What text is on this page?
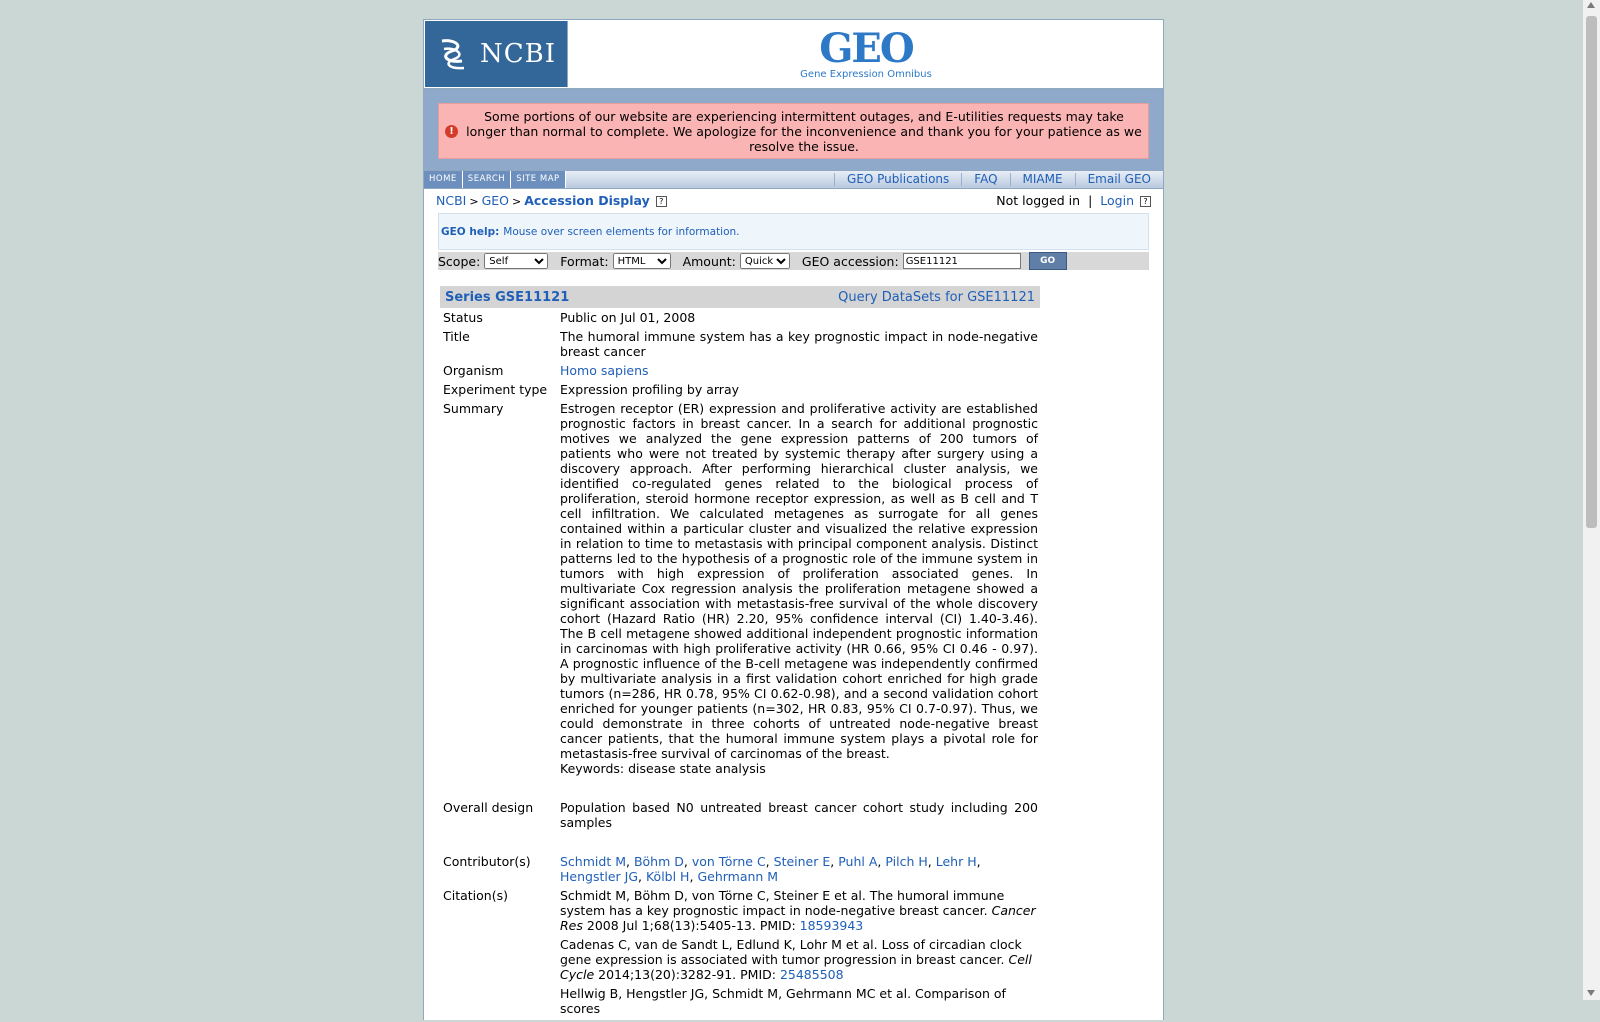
NCBI	GEO
Gene Expression Omnibus
!
Some portions of our website are experiencing intermittent outages, and E-utilities requests may take longer than normal to complete. We apologize for the inconvenience and thank you for your patience as we resolve the issue.
HOME	SEARCH	SITE MAP	GEO Publications	FAQ	MIAME	Email GEO
NCBI > GEO > Accession Display ?	Not logged in | Login ?
GEO help: Mouse over screen elements for information.
Scope:
Self	Format:
HTML	Amount:
Quick	GEO accession:
GSE11121	GO
Series GSE11121	Query DataSets for GSE11121
Status	Public on Jul 01, 2008
Title	The humoral immune system has a key prognostic impact in node-negative breast cancer
Organism	Homo sapiens
Experiment type	Expression profiling by array
Summary	Estrogen receptor (ER) expression and proliferative activity are established prognostic factors in breast cancer. In a search for additional prognostic motives we analyzed the gene expression patterns of 200 tumors of patients who were not treated by systemic therapy after surgery using a discovery approach. After performing hierarchical cluster analysis, we identified co-regulated genes related to the biological process of proliferation, steroid hormone receptor expression, as well as B cell and T cell infiltration. We calculated metagenes as surrogate for all genes contained within a particular cluster and visualized the relative expression in relation to time to metastasis with principal component analysis. Distinct patterns led to the hypothesis of a prognostic role of the immune system in tumors with high expression of proliferation associated genes. In multivariate Cox regression analysis the proliferation metagene showed a significant association with metastasis-free survival of the whole discovery cohort (Hazard Ratio (HR) 2.20, 95% confidence interval (CI) 1.40-3.46). The B cell metagene showed additional independent prognostic information in carcinomas with high proliferative activity (HR 0.66, 95% CI 0.46 - 0.97). A prognostic influence of the B-cell metagene was independently confirmed by multivariate analysis in a first validation cohort enriched for high grade tumors (n=286, HR 0.78, 95% CI 0.62-0.98), and a second validation cohort enriched for younger patients (n=302, HR 0.83, 95% CI 0.7-0.97). Thus, we could demonstrate in three cohorts of untreated node-negative breast cancer patients, that the humoral immune system plays a pivotal role for metastasis-free survival of carcinomas of the breast.
Keywords: disease state analysis

Overall design	Population based N0 untreated breast cancer cohort study including 200 samples
Contributor(s)	Schmidt M, Böhm D, von Törne C, Steiner E, Puhl A, Pilch H, Lehr H, Hengstler JG, Kölbl H, Gehrmann M
Citation(s)	Schmidt M, Böhm D, von Törne C, Steiner E et al. The humoral immune system has a key prognostic impact in node-negative breast cancer. Cancer Res 2008 Jul 1;68(13):5405-13. PMID: 18593943
Cadenas C, van de Sandt L, Edlund K, Lohr M et al. Loss of circadian clock gene expression is associated with tumor progression in breast cancer. Cell Cycle 2014;13(20):3282-91. PMID: 25485508
Hellwig B, Hengstler JG, Schmidt M, Gehrmann MC et al. Comparison of scores
